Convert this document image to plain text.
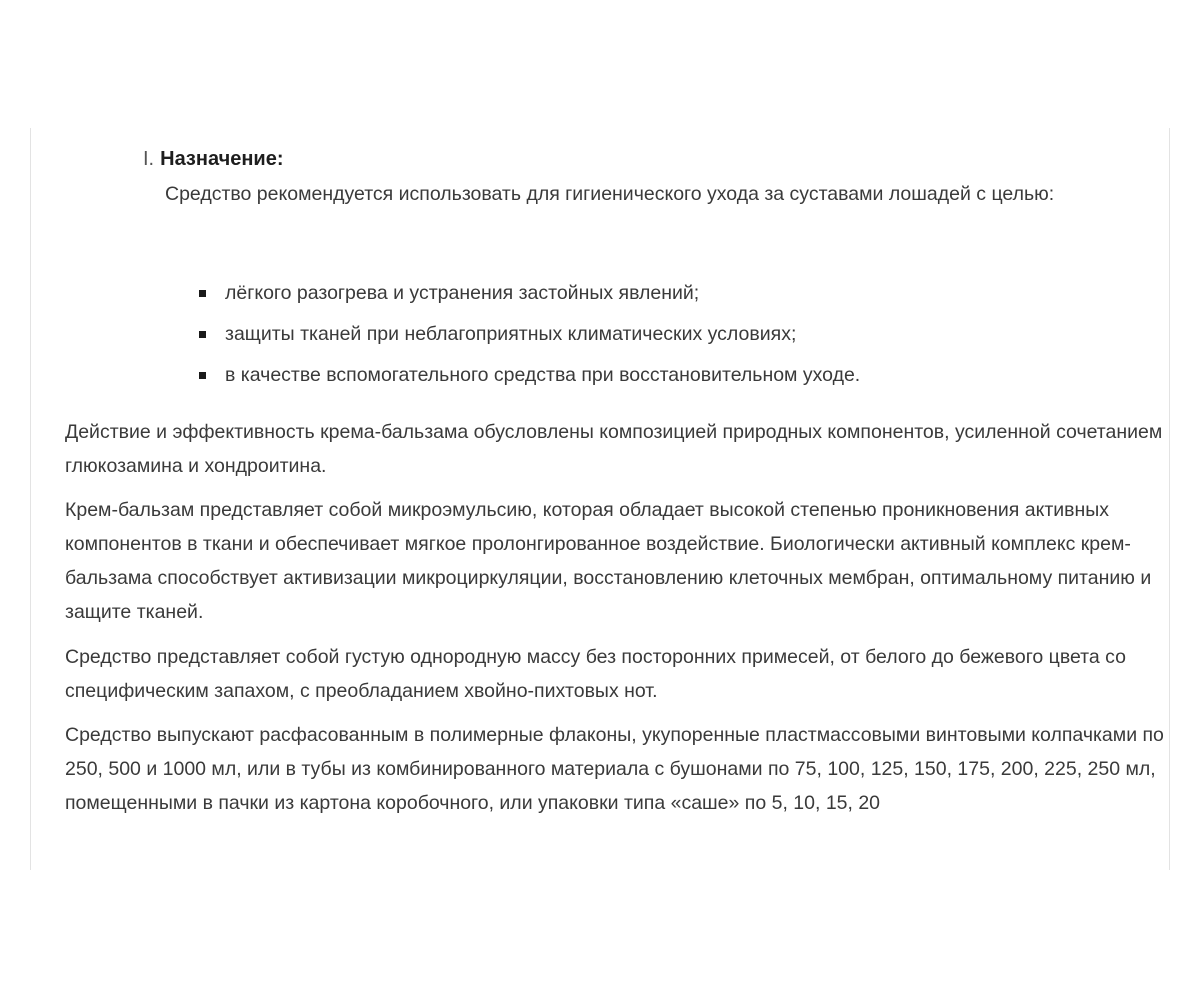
I. Назначение:
Средство рекомендуется использовать для гигиенического ухода за суставами лошадей с целью:
лёгкого разогрева и устранения застойных явлений;
защиты тканей при неблагоприятных климатических условиях;
в качестве вспомогательного средства при восстановительном уходе.

Действие и эффективность крема-бальзама обусловлены композицией природных компонентов, усиленной сочетанием глюкозамина и хондроитина.

Крем-бальзам представляет собой микроэмульсию, которая обладает высокой степенью проникновения активных компонентов в ткани и обеспечивает мягкое пролонгированное воздействие. Биологически активный комплекс крем-бальзама способствует активизации микроциркуляции, восстановлению клеточных мембран, оптимальному питанию и защите тканей.

Средство представляет собой густую однородную массу без посторонних примесей, от белого до бежевого цвета со специфическим запахом, с преобладанием хвойно-пихтовых нот.

Средство выпускают расфасованным в полимерные флаконы, укупоренные пластмассовыми винтовыми колпачками по 250, 500 и 1000 мл, или в тубы из комбинированного материала с бушонами по 75, 100, 125, 150, 175, 200, 225, 250 мл, помещенными в пачки из картона коробочного, или упаковки типа «саше» по 5, 10, 15, 20
